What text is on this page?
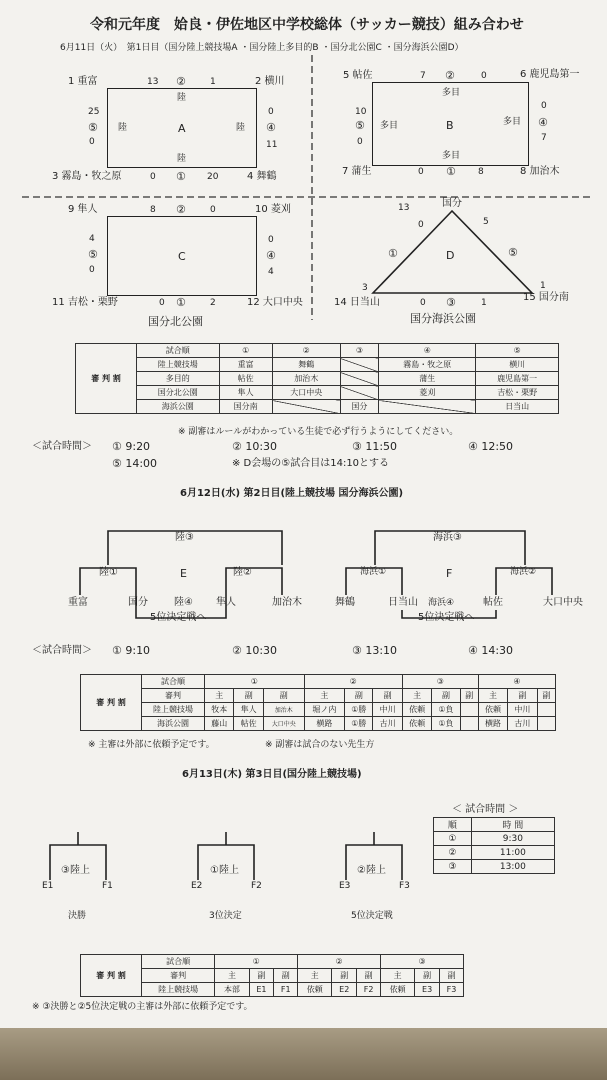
令和元年度　姶良・伊佐地区中学校総体（サッカー競技）組み合わせ
6月11日（火）　第1日目（国分陸上競技場A ・国分陸上多目的B ・国分北公園C ・国分海浜公園D）
1 重富	2 横川
3 霧島・牧之原	4 舞鶴
13 ②	1
陸
25
⑤
0
陸	A	陸
0
④
11
陸
0 ① 20
5 帖佐	6 鹿児島第一
7 蒲生	8 加治木
7 ②	0
多目
10
⑤
0
多目	B	多目
0
④
7
多目
0 ① 8
9 隼人	10 菱刈
11 吉松・栗野	12 大口中央
8 ②	0
4
⑤
0
C
0
④
4
0 ①	2
国分北公園
国分
14 日当山	15 国分南
13
0
①
3
5
⑤
1
D
0 ③	1
国分海浜公園
審 判 割	試合順	①	②	③	④	⑤
	陸上競技場	重富	舞鶴		霧島・牧之原	横川
	多目的	帖佐	加治木		蒲生	鹿児島第一
	国分北公園	隼人	大口中央		菱刈	吉松・栗野
	海浜公園	国分南		国分		日当山
※ 副審はルールがわかっている生徒で必ず行うようにしてください。
＜試合時間＞ ① 9:20	② 10:30	③ 11:50	④ 12:50
⑤ 14:00	※ D会場の⑤試合目は14:10とする
6月12日(水) 第2日目(陸上競技場 国分海浜公園)
陸③
陸①	E	陸②
重富	国分	陸④ 隼人	加治木
5位決定戦へ
海浜③
海浜①	F	海浜②
舞鶴	日当山 海浜④	帖佐	大口中央
5位決定戦へ
＜試合時間＞ ① 9:10	② 10:30	③ 13:10	④ 14:30
審 判 割	試合順	①			②			③			④		
	審判	主	副	副	主	副	副	主	副	副	主	副	副
	陸上競技場	牧本	隼人	加治木	堀ノ内	①勝	中川	依頼	①負		依頼	中川	
	海浜公園	藤山	帖佐	大口中央	横路	①勝	古川	依頼	①負		横路	古川	
※ 主審は外部に依頼予定です。	※ 副審は試合のない先生方
6月13日(木) 第3日目(国分陸上競技場)
＜ 試合時間 ＞
順	時 間
①	9:30
②	11:00
③	13:00
③陸上
E1	F1
決勝
①陸上
E2	F2
3位決定
②陸上
E3	F3
5位決定戦
審 判 割	試合順	①			②			③		
	審判	主	副	副	主	副	副	主	副	副
	陸上競技場	本部	E1	F1	依頼	E2	F2	依頼	E3	F3
※ ③決勝と②5位決定戦の主審は外部に依頼予定です。
